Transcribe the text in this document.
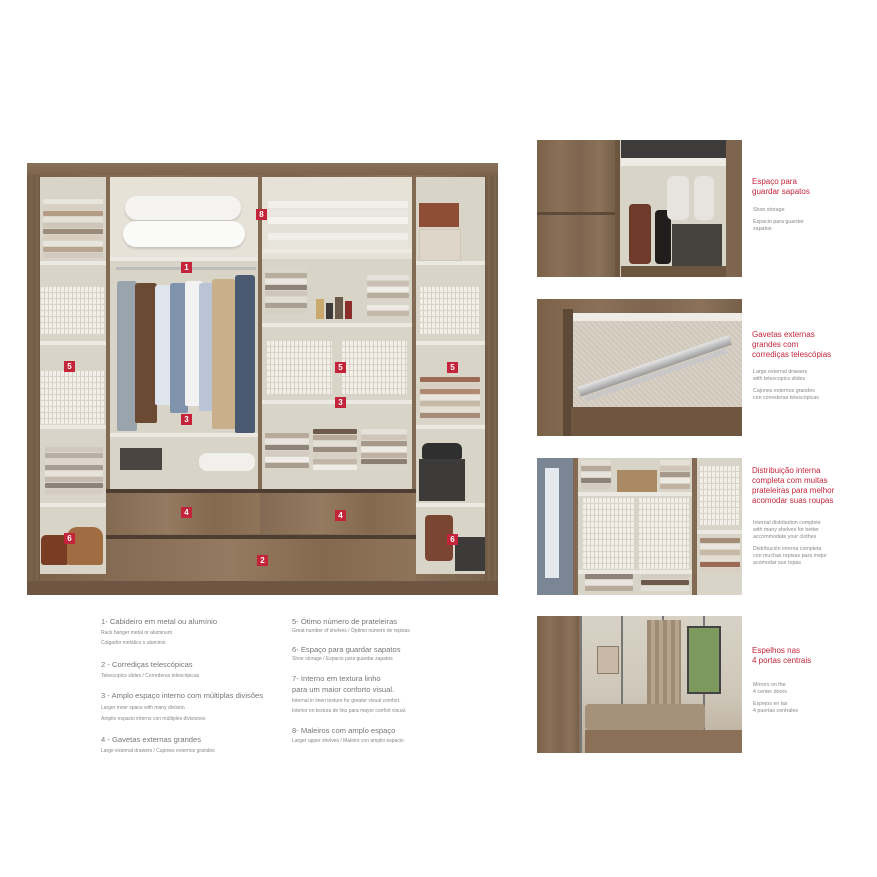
8
1
5	5	5
3
3
4	4
6	6
2
1- Cabideiro em metal ou alumínio
Rack hanger metal or aluminunt
Colgador metálico o aluminio
2 - Corrediças telescópicas
Telescopics slides / Correderas telescópicas
3 - Amplo espaço interno com múltiplas divisões
Larger inner space with many division
Amplio espacio interno con múltiples divisiones
4 - Gavetas externas grandes
Large external drawers / Cajones externos grandes
5- Ótimo número de prateleiras
Great number of shelves / Óptimo número de repisas
6- Espaço para guardar sapatos
Shoe storage / Espacio para guardar zapatos
7- Interno em textura linho
para um maior conforto visual.
Internal in linen texture for greater visual comfort.
Interior en textura de lino para mayor confort visual.
8- Maleiros com amplo espaço
Larger upper shelves / Maleiro con amplio espacio
Espaço para
guardar sapatos
Shoe storage
Espacio para guardar
zapatos
Gavetas externas
grandes com
corrediças telescópias
Large external drawers
with telescopics slides
Cajones externos grandes
con correderas telescópicas
Distribuição interna
completa com muitas
prateleiras para melhor
acomodar suas roupas
Internal distribution complete
with many shelves for better
accommodate your clothes
Distribución interna completa
con muchas repisas para mejor
acomodar sus ropas
Espelhos nas
4 portas centrais
Mirrors on the
4 center doors
Espejos en las
4 puertas centrales
